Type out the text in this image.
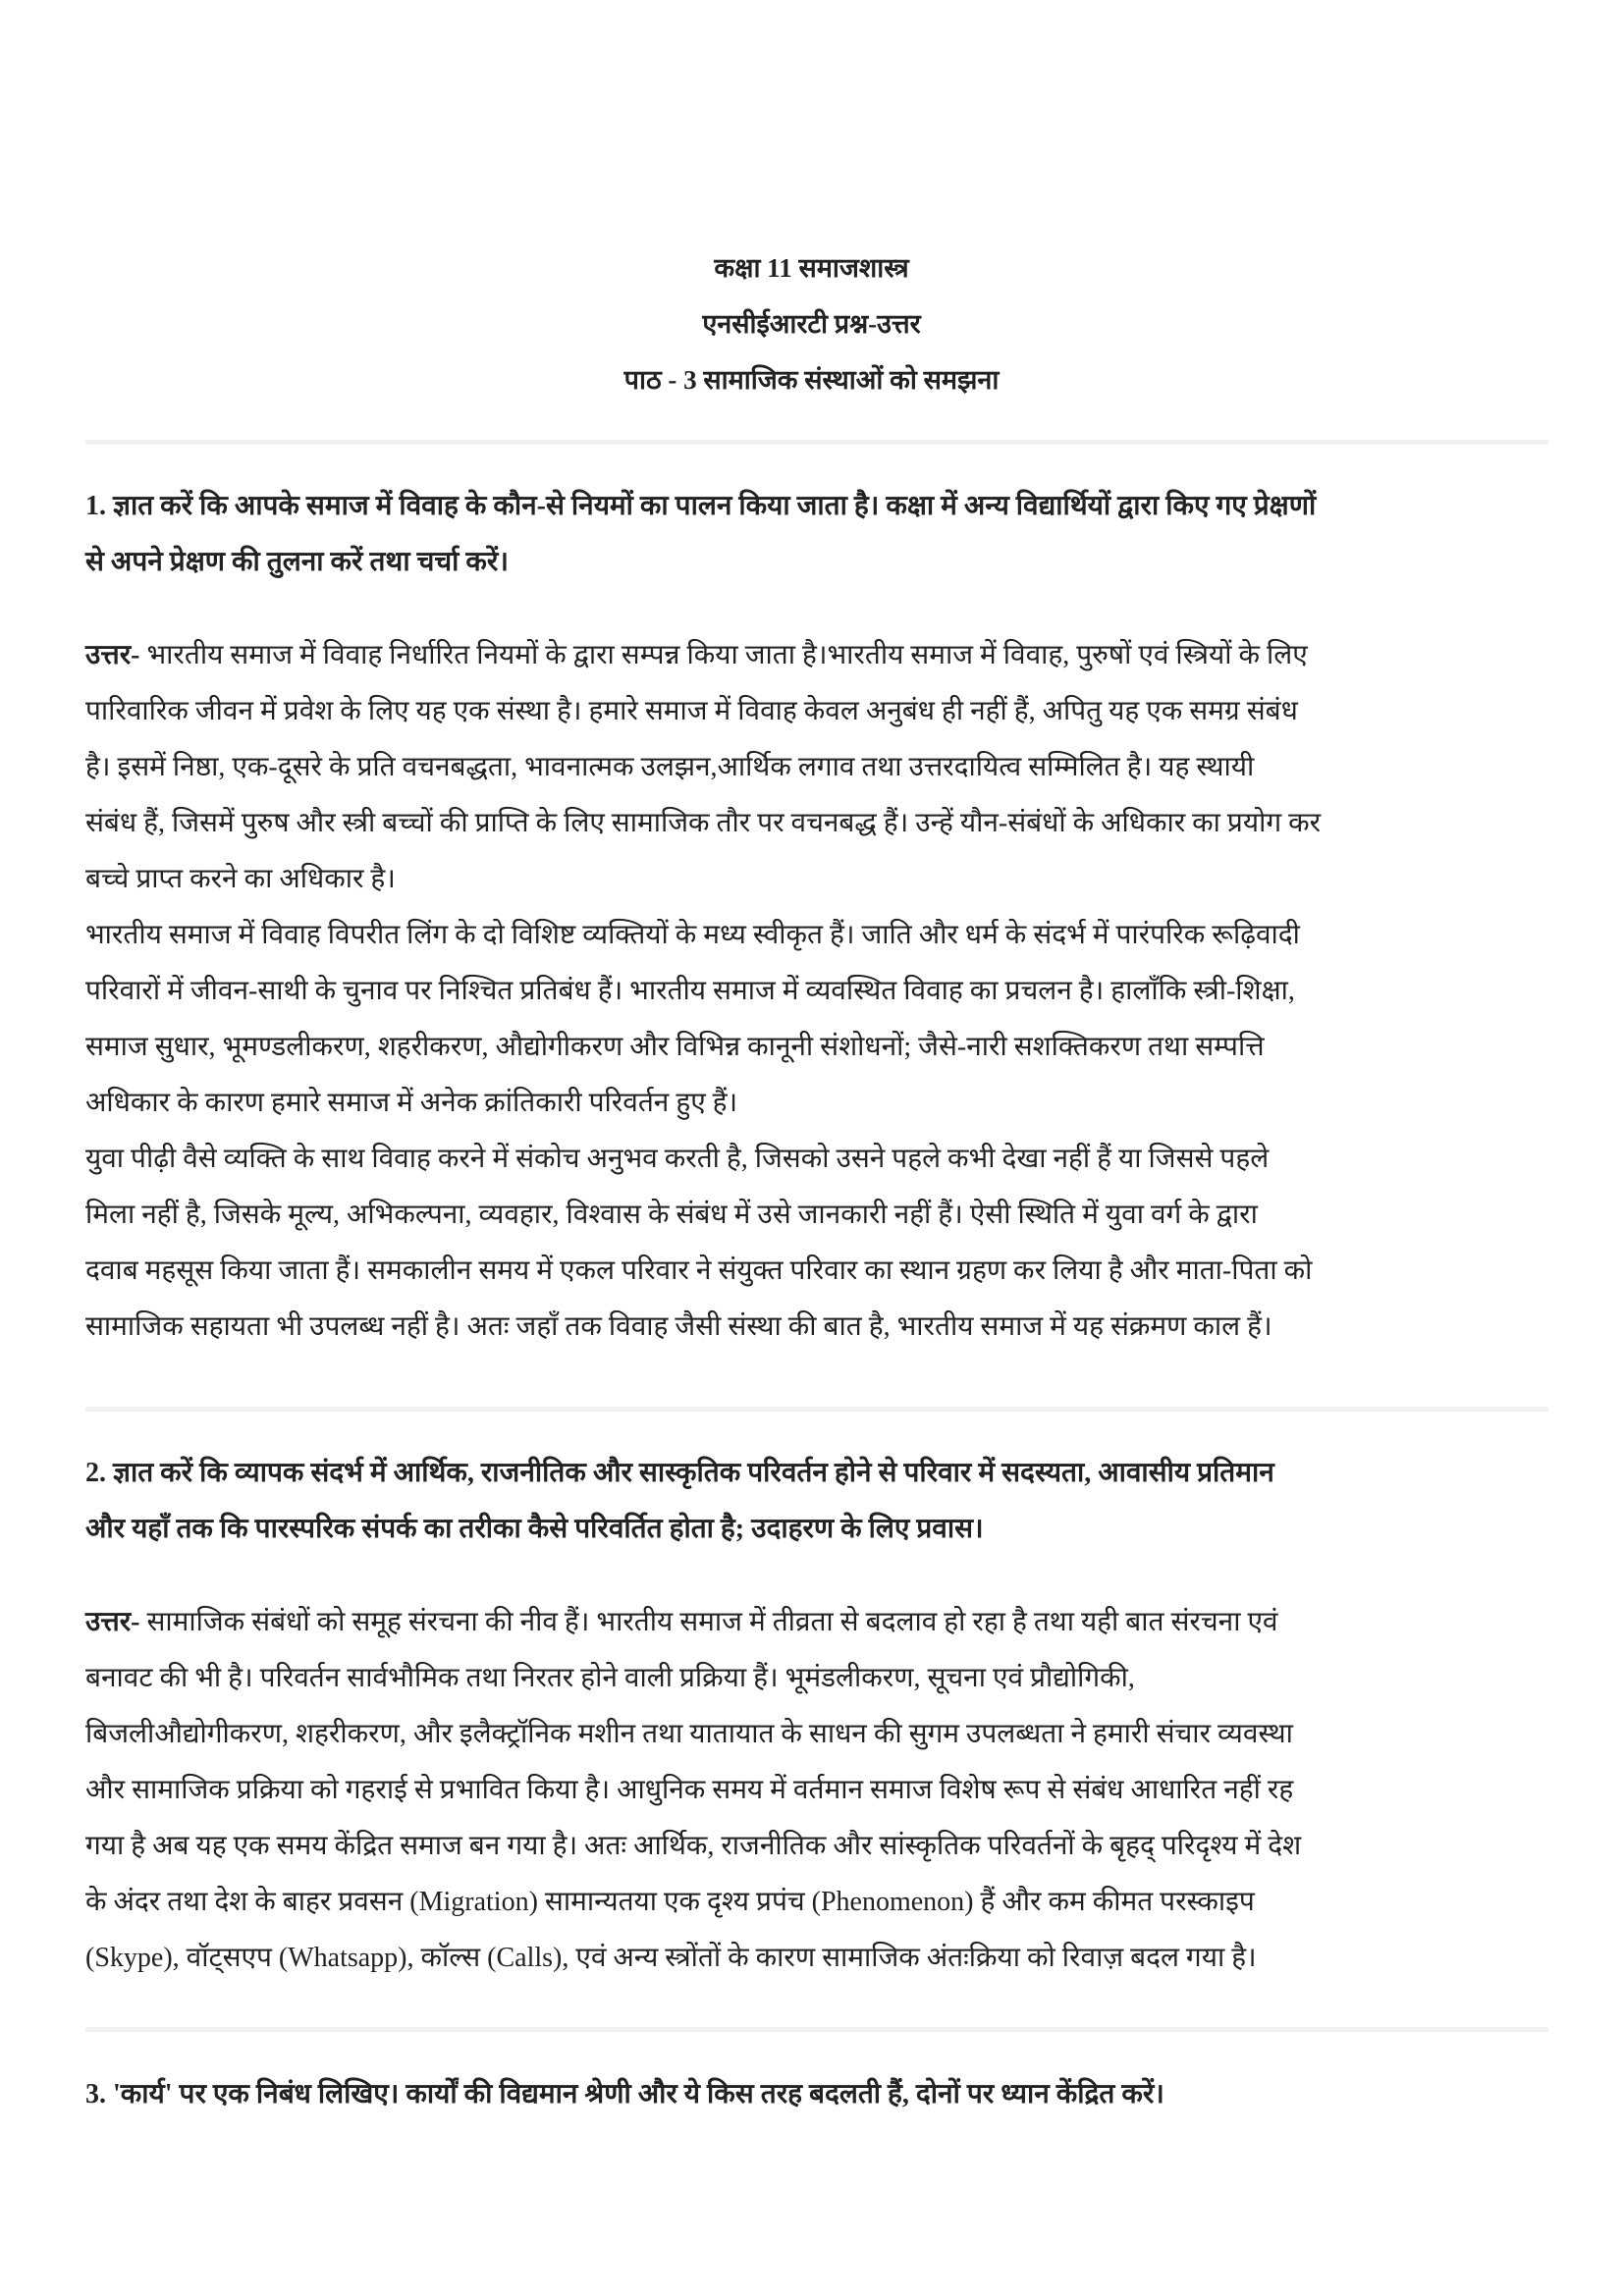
कक्षा 11 समाजशास्त्र
एनसीईआरटी प्रश्न-उत्तर
पाठ - 3 सामाजिक संस्थाओं को समझना
1. ज्ञात करें कि आपके समाज में विवाह के कौन-से नियमों का पालन किया जाता है। कक्षा में अन्य विद्यार्थियों द्वारा किए गए प्रेक्षणों
से अपने प्रेक्षण की तुलना करें तथा चर्चा करें।
उत्तर- भारतीय समाज में विवाह निर्धारित नियमों के द्वारा सम्पन्न किया जाता है।भारतीय समाज में विवाह, पुरुषों एवं स्त्रियों के लिए
पारिवारिक जीवन में प्रवेश के लिए यह एक संस्था है। हमारे समाज में विवाह केवल अनुबंध ही नहीं हैं, अपितु यह एक समग्र संबंध
है। इसमें निष्ठा, एक-दूसरे के प्रति वचनबद्धता, भावनात्मक उलझन,आर्थिक लगाव तथा उत्तरदायित्व सम्मिलित है। यह स्थायी
संबंध हैं, जिसमें पुरुष और स्त्री बच्चों की प्राप्ति के लिए सामाजिक तौर पर वचनबद्ध हैं। उन्हें यौन-संबंधों के अधिकार का प्रयोग कर
बच्चे प्राप्त करने का अधिकार है।
भारतीय समाज में विवाह विपरीत लिंग के दो विशिष्ट व्यक्तियों के मध्य स्वीकृत हैं। जाति और धर्म के संदर्भ में पारंपरिक रूढ़िवादी
परिवारों में जीवन-साथी के चुनाव पर निश्चित प्रतिबंध हैं। भारतीय समाज में व्यवस्थित विवाह का प्रचलन है। हालाँकि स्त्री-शिक्षा,
समाज सुधार, भूमण्डलीकरण, शहरीकरण, औद्योगीकरण और विभिन्न कानूनी संशोधनों; जैसे-नारी सशक्तिकरण तथा सम्पत्ति
अधिकार के कारण हमारे समाज में अनेक क्रांतिकारी परिवर्तन हुए हैं।
युवा पीढ़ी वैसे व्यक्ति के साथ विवाह करने में संकोच अनुभव करती है, जिसको उसने पहले कभी देखा नहीं हैं या जिससे पहले
मिला नहीं है, जिसके मूल्य, अभिकल्पना, व्यवहार, विश्वास के संबंध में उसे जानकारी नहीं हैं। ऐसी स्थिति में युवा वर्ग के द्वारा
दवाब महसूस किया जाता हैं। समकालीन समय में एकल परिवार ने संयुक्त परिवार का स्थान ग्रहण कर लिया है और माता-पिता को
सामाजिक सहायता भी उपलब्ध नहीं है। अतः जहाँ तक विवाह जैसी संस्था की बात है, भारतीय समाज में यह संक्रमण काल हैं।
2. ज्ञात करें कि व्यापक संदर्भ में आर्थिक, राजनीतिक और सास्कृतिक परिवर्तन होने से परिवार में सदस्यता, आवासीय प्रतिमान
और यहाँ तक कि पारस्परिक संपर्क का तरीका कैसे परिवर्तित होता है; उदाहरण के लिए प्रवास।
उत्तर- सामाजिक संबंधों को समूह संरचना की नीव हैं। भारतीय समाज में तीव्रता से बदलाव हो रहा है तथा यही बात संरचना एवं
बनावट की भी है। परिवर्तन सार्वभौमिक तथा निरतर होने वाली प्रक्रिया हैं। भूमंडलीकरण, सूचना एवं प्रौद्योगिकी,
बिजलीऔद्योगीकरण, शहरीकरण, और इलैक्ट्रॉनिक मशीन तथा यातायात के साधन की सुगम उपलब्धता ने हमारी संचार व्यवस्था
और सामाजिक प्रक्रिया को गहराई से प्रभावित किया है। आधुनिक समय में वर्तमान समाज विशेष रूप से संबंध आधारित नहीं रह
गया है अब यह एक समय केंद्रित समाज बन गया है। अतः आर्थिक, राजनीतिक और सांस्कृतिक परिवर्तनों के बृहद् परिदृश्य में देश
के अंदर तथा देश के बाहर प्रवसन (Migration) सामान्यतया एक दृश्य प्रपंच (Phenomenon) हैं और कम कीमत परस्काइप
(Skype), वॉट्सएप (Whatsapp), कॉल्स (Calls), एवं अन्य स्त्रोंतों के कारण सामाजिक अंतःक्रिया को रिवाज़ बदल गया है।
3. 'कार्य' पर एक निबंध लिखिए। कार्यों की विद्यमान श्रेणी और ये किस तरह बदलती हैं, दोनों पर ध्यान केंद्रित करें।
